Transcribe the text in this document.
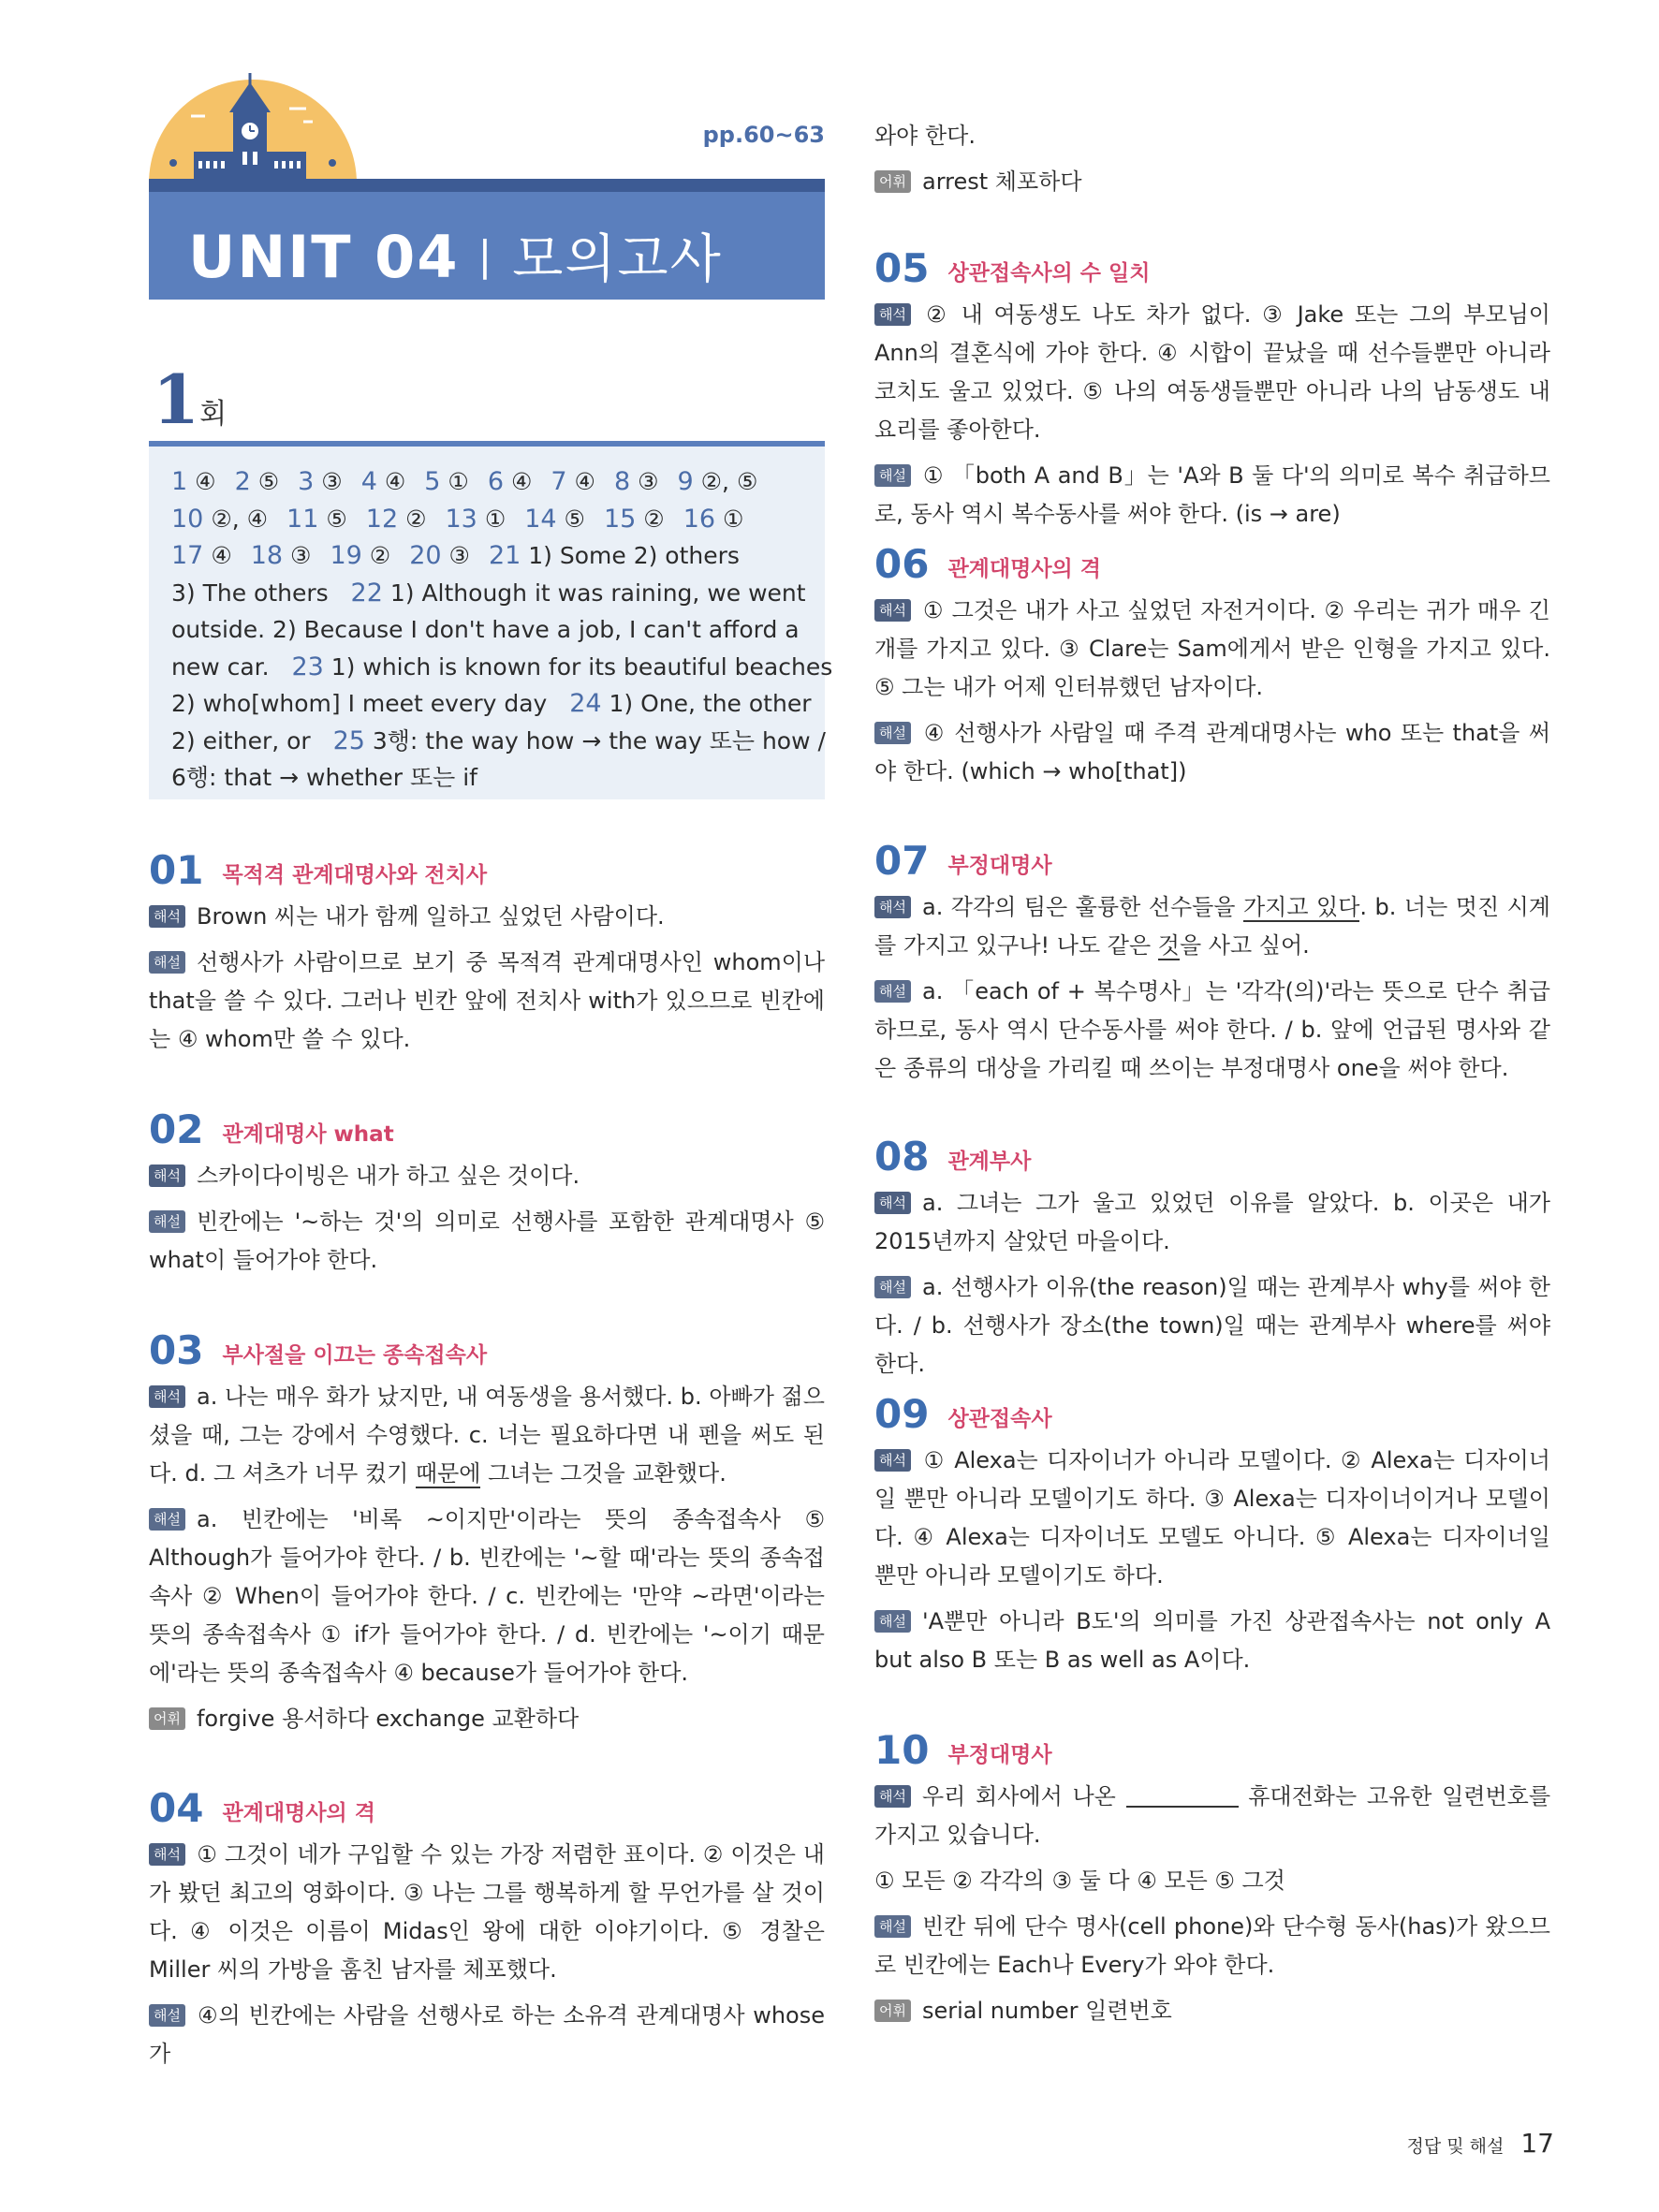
pp.60~63
UNIT 04 | 모의고사
1회

1 ④ 2 ⑤ 3 ③ 4 ④ 5 ① 6 ④ 7 ④ 8 ③ 9 ②, ⑤

10 ②, ④ 11 ⑤ 12 ② 13 ① 14 ⑤ 15 ② 16 ①

17 ④ 18 ③ 19 ② 20 ③ 21 1) Some 2) others

3) The others 22 1) Although it was raining, we went

outside. 2) Because I don't have a job, I can't afford a

new car. 23 1) which is known for its beautiful beaches

2) who[whom] I meet every day 24 1) One, the other

2) either, or 25 3행: the way how → the way 또는 how /

6행: that → whether 또는 if

01 목적격 관계대명사와 전치사

해석 Brown 씨는 내가 함께 일하고 싶었던 사람이다.

해설 선행사가 사람이므로 보기 중 목적격 관계대명사인 whom이나 that을 쓸 수 있다. 그러나 빈칸 앞에 전치사 with가 있으므로 빈칸에는 ④ whom만 쓸 수 있다.

02 관계대명사 what

해석 스카이다이빙은 내가 하고 싶은 것이다.

해설 빈칸에는 '~하는 것'의 의미로 선행사를 포함한 관계대명사 ⑤ what이 들어가야 한다.

03 부사절을 이끄는 종속접속사

해석 a. 나는 매우 화가 났지만, 내 여동생을 용서했다. b. 아빠가 젊으셨을 때, 그는 강에서 수영했다. c. 너는 필요하다면 내 펜을 써도 된다. d. 그 셔츠가 너무 컸기 때문에 그녀는 그것을 교환했다.

해설 a. 빈칸에는 '비록 ~이지만'이라는 뜻의 종속접속사 ⑤ Although가 들어가야 한다. / b. 빈칸에는 '~할 때'라는 뜻의 종속접속사 ② When이 들어가야 한다. / c. 빈칸에는 '만약 ~라면'이라는 뜻의 종속접속사 ① if가 들어가야 한다. / d. 빈칸에는 '~이기 때문에'라는 뜻의 종속접속사 ④ because가 들어가야 한다.

어휘 forgive 용서하다 exchange 교환하다

04 관계대명사의 격

해석 ① 그것이 네가 구입할 수 있는 가장 저렴한 표이다. ② 이것은 내가 봤던 최고의 영화이다. ③ 나는 그를 행복하게 할 무언가를 살 것이다. ④ 이것은 이름이 Midas인 왕에 대한 이야기이다. ⑤ 경찰은 Miller 씨의 가방을 훔친 남자를 체포했다.

해설 ④의 빈칸에는 사람을 선행사로 하는 소유격 관계대명사 whose가

와야 한다.

어휘 arrest 체포하다

05 상관접속사의 수 일치

해석 ② 내 여동생도 나도 차가 없다. ③ Jake 또는 그의 부모님이 Ann의 결혼식에 가야 한다. ④ 시합이 끝났을 때 선수들뿐만 아니라 코치도 울고 있었다. ⑤ 나의 여동생들뿐만 아니라 나의 남동생도 내 요리를 좋아한다.

해설 ① 「both A and B」는 'A와 B 둘 다'의 의미로 복수 취급하므로, 동사 역시 복수동사를 써야 한다. (is → are)

06 관계대명사의 격

해석 ① 그것은 내가 사고 싶었던 자전거이다. ② 우리는 귀가 매우 긴 개를 가지고 있다. ③ Clare는 Sam에게서 받은 인형을 가지고 있다. ⑤ 그는 내가 어제 인터뷰했던 남자이다.

해설 ④ 선행사가 사람일 때 주격 관계대명사는 who 또는 that을 써야 한다. (which → who[that])

07 부정대명사

해석 a. 각각의 팀은 훌륭한 선수들을 가지고 있다. b. 너는 멋진 시계를 가지고 있구나! 나도 같은 것을 사고 싶어.

해설 a. 「each of + 복수명사」는 '각각(의)'라는 뜻으로 단수 취급하므로, 동사 역시 단수동사를 써야 한다. / b. 앞에 언급된 명사와 같은 종류의 대상을 가리킬 때 쓰이는 부정대명사 one을 써야 한다.

08 관계부사

해석 a. 그녀는 그가 울고 있었던 이유를 알았다. b. 이곳은 내가 2015년까지 살았던 마을이다.

해설 a. 선행사가 이유(the reason)일 때는 관계부사 why를 써야 한다. / b. 선행사가 장소(the town)일 때는 관계부사 where를 써야 한다.

09 상관접속사

해석 ① Alexa는 디자이너가 아니라 모델이다. ② Alexa는 디자이너일 뿐만 아니라 모델이기도 하다. ③ Alexa는 디자이너이거나 모델이다. ④ Alexa는 디자이너도 모델도 아니다. ⑤ Alexa는 디자이너일 뿐만 아니라 모델이기도 하다.

해설 'A뿐만 아니라 B도'의 의미를 가진 상관접속사는 not only A but also B 또는 B as well as A이다.

10 부정대명사

해석 우리 회사에서 나온	휴대전화는 고유한 일련번호를 가지고 있습니다.

① 모든 ② 각각의 ③ 둘 다 ④ 모든 ⑤ 그것

해설 빈칸 뒤에 단수 명사(cell phone)와 단수형 동사(has)가 왔으므로 빈칸에는 Each나 Every가 와야 한다.

어휘 serial number 일련번호

정답 및 해설 17
